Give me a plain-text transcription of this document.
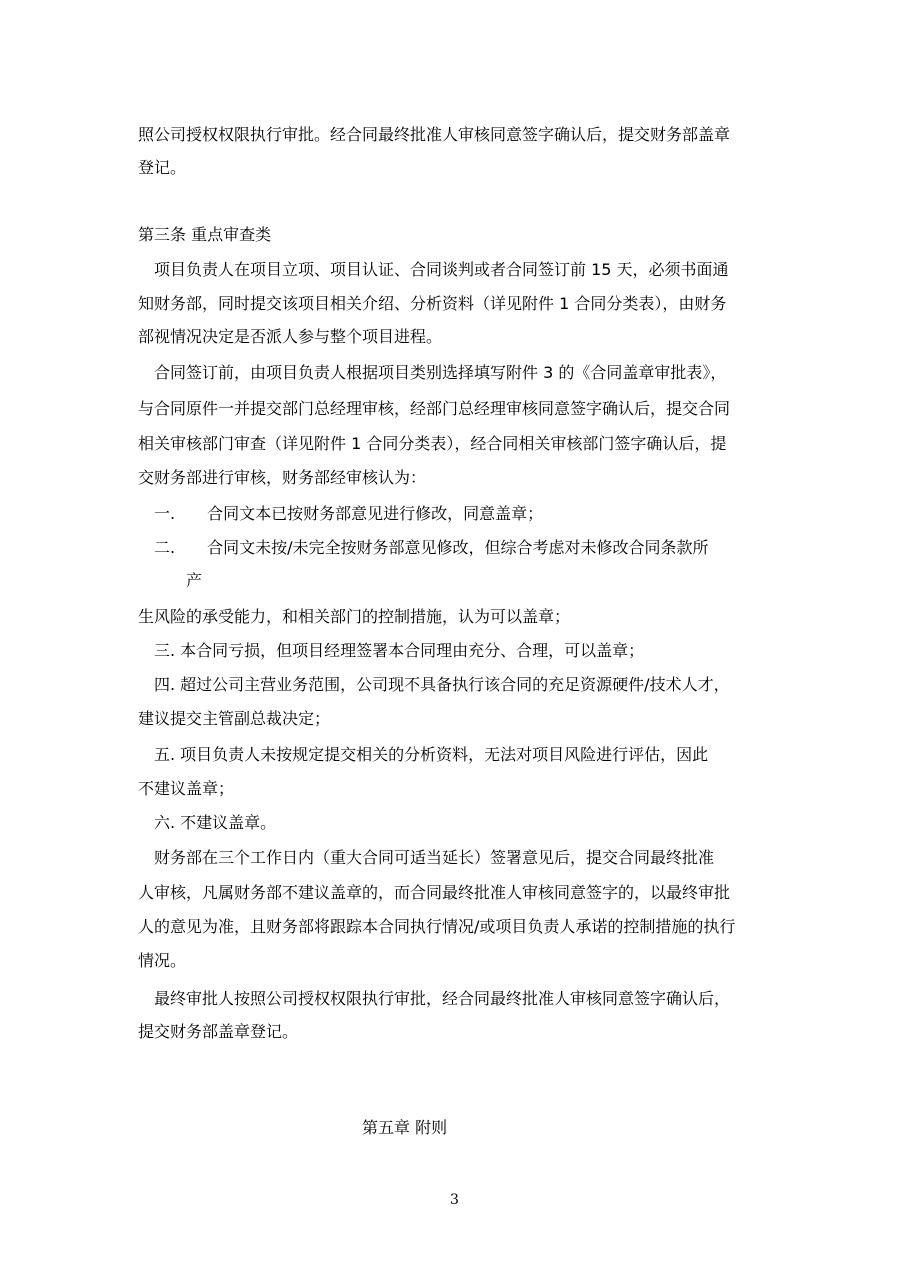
照公司授权权限执行审批。经合同最终批准人审核同意签字确认后，提交财务部盖章
登记。
第三条 重点审查类
　项目负责人在项目立项、项目认证、合同谈判或者合同签订前 15 天，必须书面通
知财务部，同时提交该项目相关介绍、分析资料（详见附件 1 合同分类表），由财务
部视情况决定是否派人参与整个项目进程。
　合同签订前，由项目负责人根据项目类别选择填写附件 3 的《合同盖章审批表》，
与合同原件一并提交部门总经理审核，经部门总经理审核同意签字确认后，提交合同
相关审核部门审查（详见附件 1 合同分类表），经合同相关审核部门签字确认后，提
交财务部进行审核，财务部经审核认为：
　一.　　合同文本已按财务部意见进行修改，同意盖章；
　二.　　合同文未按/未完全按财务部意见修改，但综合考虑对未修改合同条款所
　　　产
生风险的承受能力，和相关部门的控制措施，认为可以盖章；
　三. 本合同亏损，但项目经理签署本合同理由充分、合理，可以盖章；
　四. 超过公司主营业务范围，公司现不具备执行该合同的充足资源硬件/技术人才，
建议提交主管副总裁决定；
　五. 项目负责人未按规定提交相关的分析资料，无法对项目风险进行评估，因此
不建议盖章；
　六. 不建议盖章。
　财务部在三个工作日内（重大合同可适当延长）签署意见后，提交合同最终批准
人审核，凡属财务部不建议盖章的，而合同最终批准人审核同意签字的，以最终审批
人的意见为准，且财务部将跟踪本合同执行情况/或项目负责人承诺的控制措施的执行
情况。
　最终审批人按照公司授权权限执行审批，经合同最终批准人审核同意签字确认后，
提交财务部盖章登记。
第五章 附则
3
